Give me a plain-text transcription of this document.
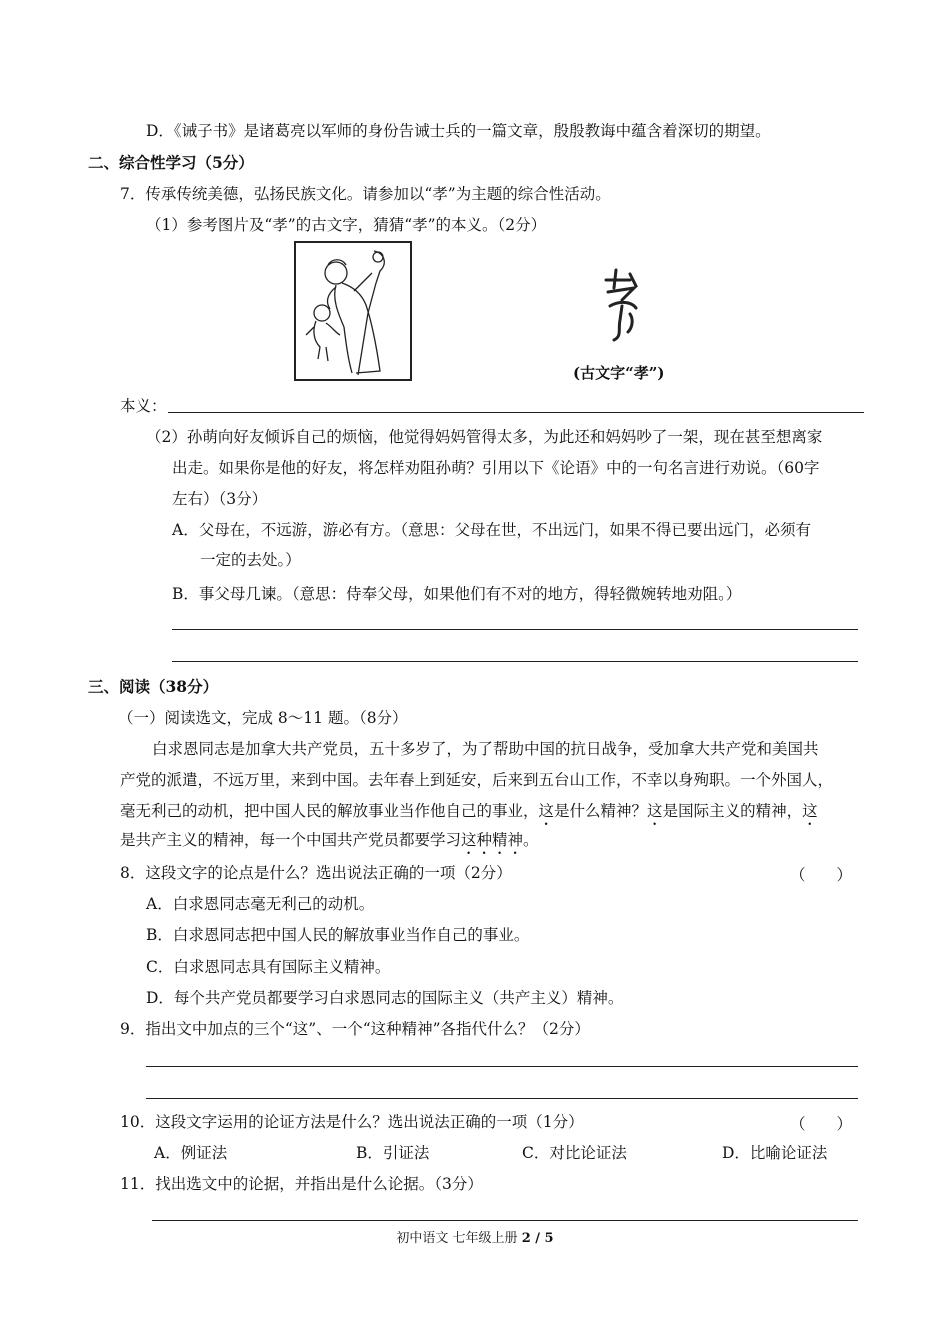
D．《诫子书》是诸葛亮以军师的身份告诫士兵的一篇文章，殷殷教诲中蕴含着深切的期望。
二、综合性学习（5分）
7．传承传统美德，弘扬民族文化。请参加以“孝”为主题的综合性活动。
（1）参考图片及“孝”的古文字，猜猜“孝”的本义。（2分）
(古文字“孝”)
本义：
（2）孙萌向好友倾诉自己的烦恼，他觉得妈妈管得太多，为此还和妈妈吵了一架，现在甚至想离家
出走。如果你是他的好友，将怎样劝阻孙萌？引用以下《论语》中的一句名言进行劝说。（60字
左右）（3分）
A．父母在，不远游，游必有方。（意思：父母在世，不出远门，如果不得已要出远门，必须有
一定的去处。）
B．事父母几谏。（意思：侍奉父母，如果他们有不对的地方，得轻微婉转地劝阻。）
三、阅读（38分）
（一）阅读选文，完成 8～11 题。（8分）
白求恩同志是加拿大共产党员，五十多岁了，为了帮助中国的抗日战争，受加拿大共产党和美国共
产党的派遣，不远万里，来到中国。去年春上到延安，后来到五台山工作，不幸以身殉职。一个外国人，
毫无利己的动机，把中国人民的解放事业当作他自己的事业，这是什么精神？这是国际主义的精神，这
是共产主义的精神，每一个中国共产党员都要学习这种精神。
8．这段文字的论点是什么？选出说法正确的一项（2分）	（　　）
A．白求恩同志毫无利己的动机。
B．白求恩同志把中国人民的解放事业当作自己的事业。
C．白求恩同志具有国际主义精神。
D．每个共产党员都要学习白求恩同志的国际主义（共产主义）精神。
9．指出文中加点的三个“这”、一个“这种精神”各指代什么？（2分）
10．这段文字运用的论证方法是什么？选出说法正确的一项（1分）	（　　）
A．例证法	B．引证法	C．对比论证法	D．比喻论证法
11．找出选文中的论据，并指出是什么论据。（3分）
初中语文 七年级上册 2 / 5
